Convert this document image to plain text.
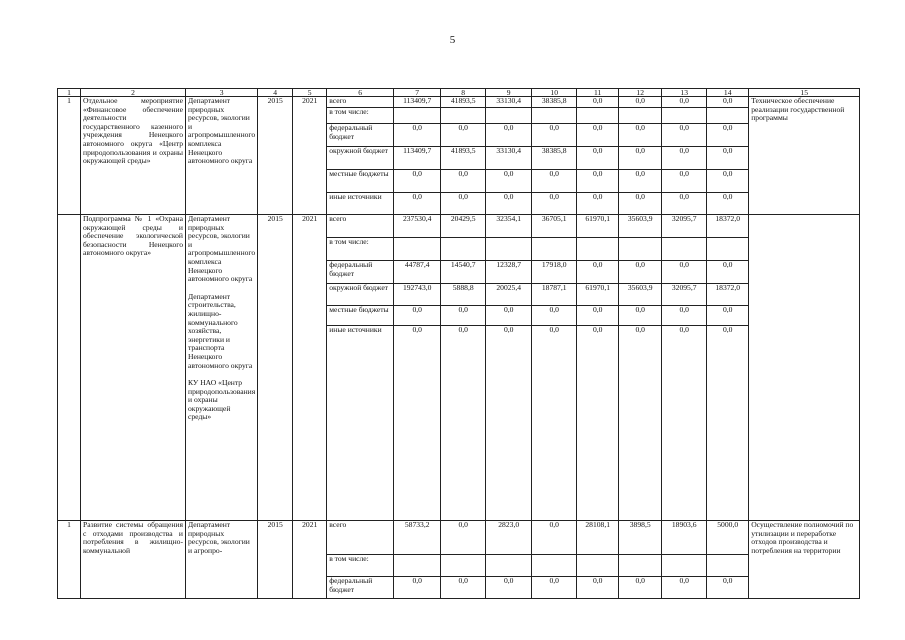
5
1	2	3	4	5	6	7	8	9	10	11	12	13	14	15
1	Отдельное мероприятие «Финансовое обеспечение деятельности государственного казенного учреждения Ненецкого автономного округа «Центр природопользования и охраны окружающей среды»	Департамент природных ресурсов, экологии и агропромышленного комплекса Ненецкого автономного округа	2015	2021	всего	113409,7	41893,5	33130,4	38385,8	0,0	0,0	0,0	0,0	Техническое обеспечение реализации государственной программы
					в том числе:									
					федеральный бюджет	0,0	0,0	0,0	0,0	0,0	0,0	0,0	0,0	
					окружной бюджет	113409,7	41893,5	33130,4	38385,8	0,0	0,0	0,0	0,0	
					местные бюджеты	0,0	0,0	0,0	0,0	0,0	0,0	0,0	0,0	
					иные источники	0,0	0,0	0,0	0,0	0,0	0,0	0,0	0,0	
	Подпрограмма № 1 «Охрана окружающей среды и обеспечение экологической безопасности Ненецкого автономного округа»	Департамент природных ресурсов, экологии и агропромышленного комплекса Ненецкого автономного округа
Департамент строительства, жилищно-коммунального хозяйства, энергетики и транспорта Ненецкого автономного округа
КУ НАО «Центр природопользования и охраны окружающей среды»	2015	2021	всего	237530,4	20429,5	32354,1	36705,1	61970,1	35603,9	32095,7	18372,0	
					в том числе:									
					федеральный бюджет	44787,4	14540,7	12328,7	17918,0	0,0	0,0	0,0	0,0	
					окружной бюджет	192743,0	5888,8	20025,4	18787,1	61970,1	35603,9	32095,7	18372,0	
					местные бюджеты	0,0	0,0	0,0	0,0	0,0	0,0	0,0	0,0	
					иные источники	0,0	0,0	0,0	0,0	0,0	0,0	0,0	0,0	
1	Развитие системы обращения с отходами производства и потребления в жилищно-коммунальной	Департамент природных ресурсов, экологии и агропро-	2015	2021	всего	58733,2	0,0	2823,0	0,0	28108,1	3898,5	18903,6	5000,0	Осуществление полномочий по утилизации и переработке отходов производства и потребления на территории
					в том числе:									
					федеральный бюджет	0,0	0,0	0,0	0,0	0,0	0,0	0,0	0,0	
